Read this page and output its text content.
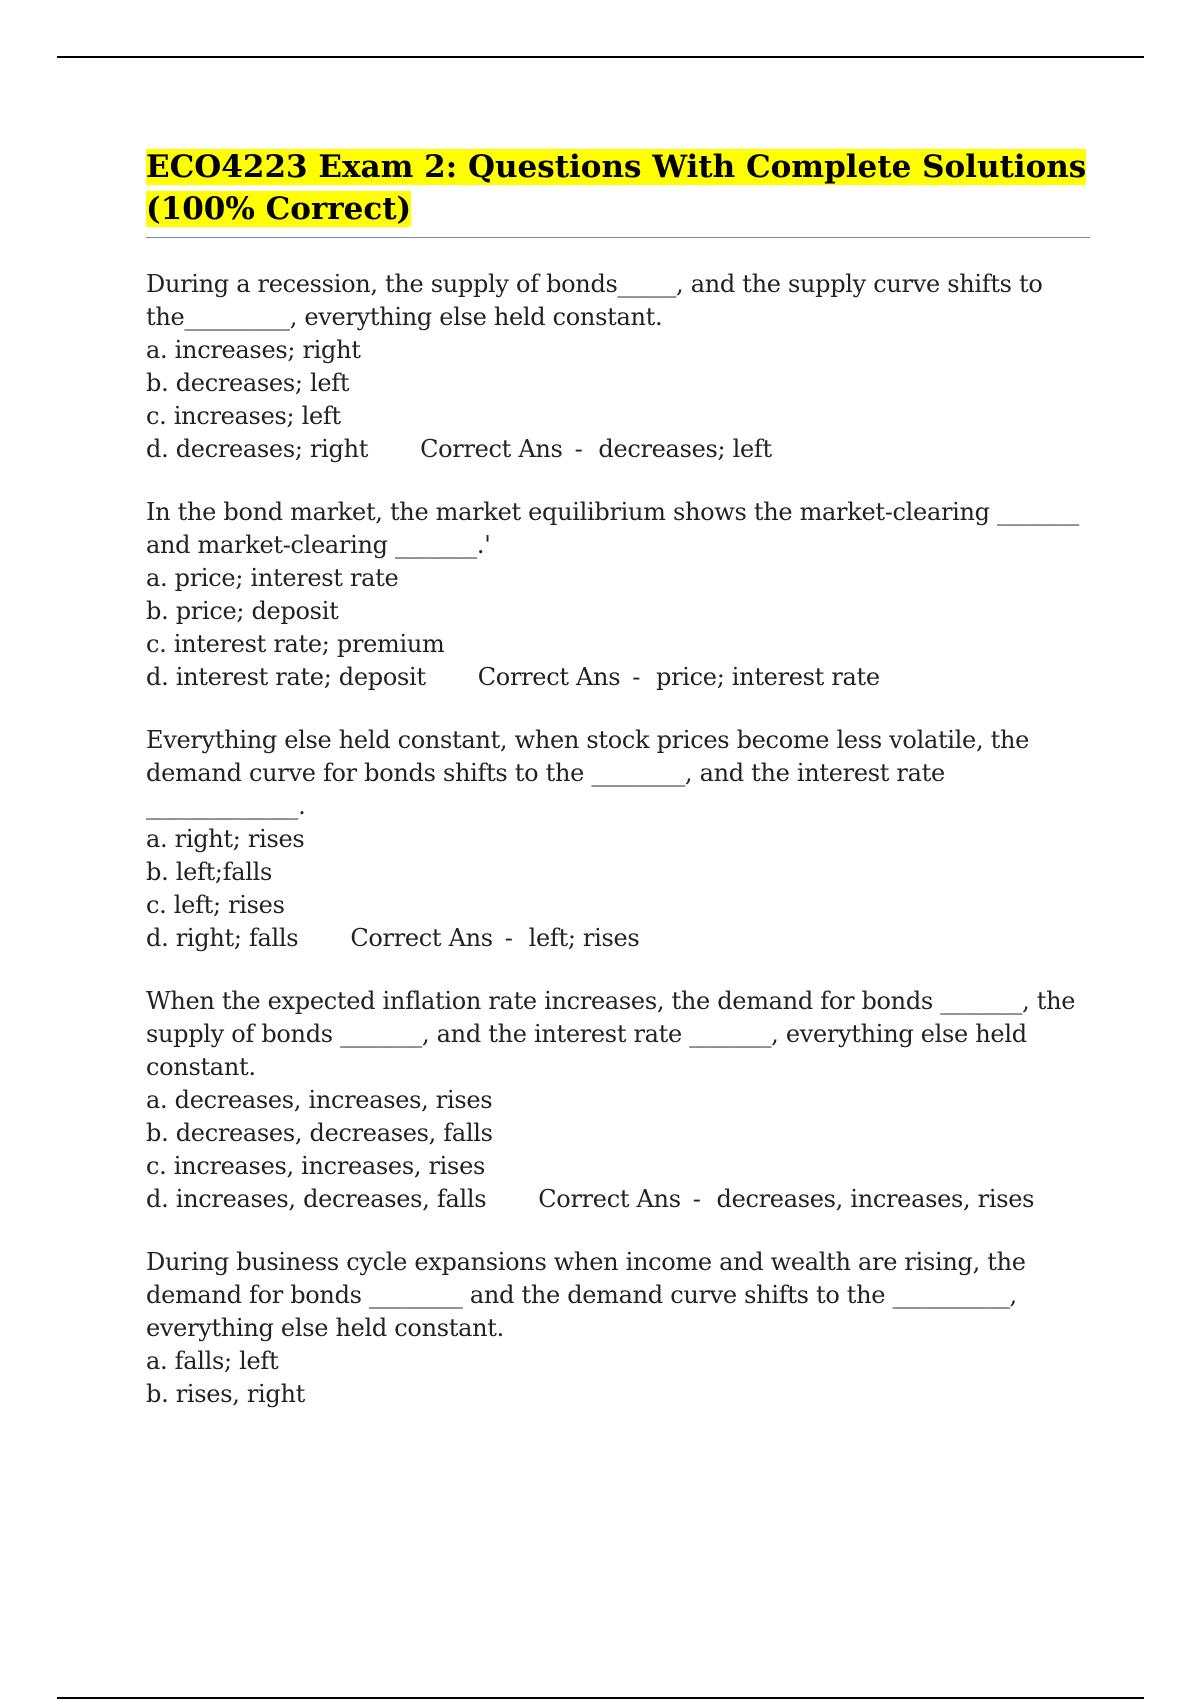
ECO4223 Exam 2: Questions With Complete Solutions
(100% Correct)

During a recession, the supply of bonds_____, and the supply curve shifts to
the_________, everything else held constant.

a. increases; right

b. decreases; left

c. increases; left

d. decreases; right Correct Ans - decreases; left

In the bond market, the market equilibrium shows the market-clearing _______
and market-clearing _______.'

a. price; interest rate

b. price; deposit

c. interest rate; premium

d. interest rate; deposit Correct Ans - price; interest rate

Everything else held constant, when stock prices become less volatile, the
demand curve for bonds shifts to the ________, and the interest rate
_____________.

a. right; rises

b. left;falls

c. left; rises

d. right; falls Correct Ans - left; rises

When the expected inflation rate increases, the demand for bonds _______, the
supply of bonds _______, and the interest rate _______, everything else held
constant.

a. decreases, increases, rises

b. decreases, decreases, falls

c. increases, increases, rises

d. increases, decreases, falls Correct Ans - decreases, increases, rises

During business cycle expansions when income and wealth are rising, the
demand for bonds ________ and the demand curve shifts to the __________,
everything else held constant.

a. falls; left

b. rises, right
